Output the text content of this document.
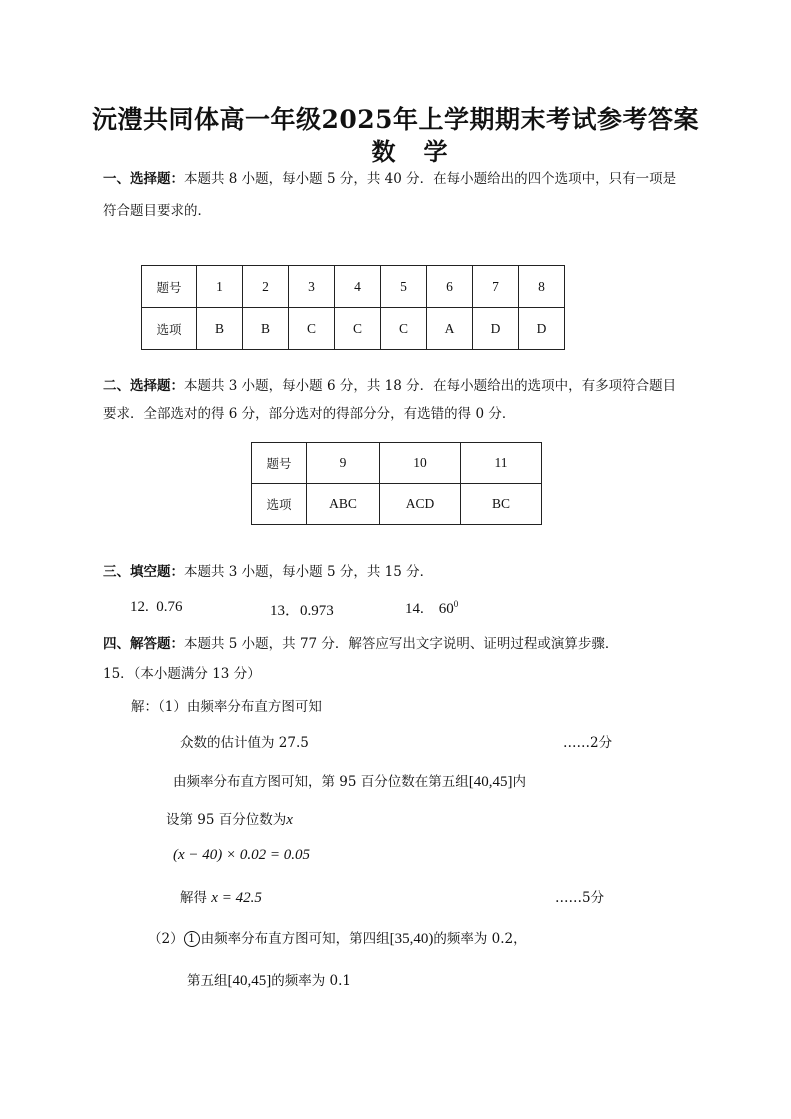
沅澧共同体高一年级2025年上学期期末考试参考答案
数学
一、选择题：本题共 8 小题，每小题 5 分，共 40 分．在每小题给出的四个选项中，只有一项是
符合题目要求的．
题号	1	2	3	4	5	6	7	8
选项	B	B	C	C	C	A	D	D
二、选择题：本题共 3 小题，每小题 6 分，共 18 分．在每小题给出的选项中，有多项符合题目
要求．全部选对的得 6 分，部分选对的得部分分，有选错的得 0 分．
题号	9	10	11
选项	ABC	ACD	BC
三、填空题：本题共 3 小题，每小题 5 分，共 15 分．
12. 0.76	13．0.973	14. $60^0$
四、解答题：本题共 5 小题，共 77 分．解答应写出文字说明、证明过程或演算步骤．
15．（本小题满分 13 分）
解：（1）由频率分布直方图可知
众数的估计值为 27.5	……2分
由频率分布直方图可知，第 95 百分位数在第五组[40,45]内
设第 95 百分位数为x
(x − 40) × 0.02 = 0.05
解得 x = 42.5	……5分
（2） 1 由频率分布直方图可知，第四组[35,40)的频率为 0.2，
第五组[40,45]的频率为 0.1
